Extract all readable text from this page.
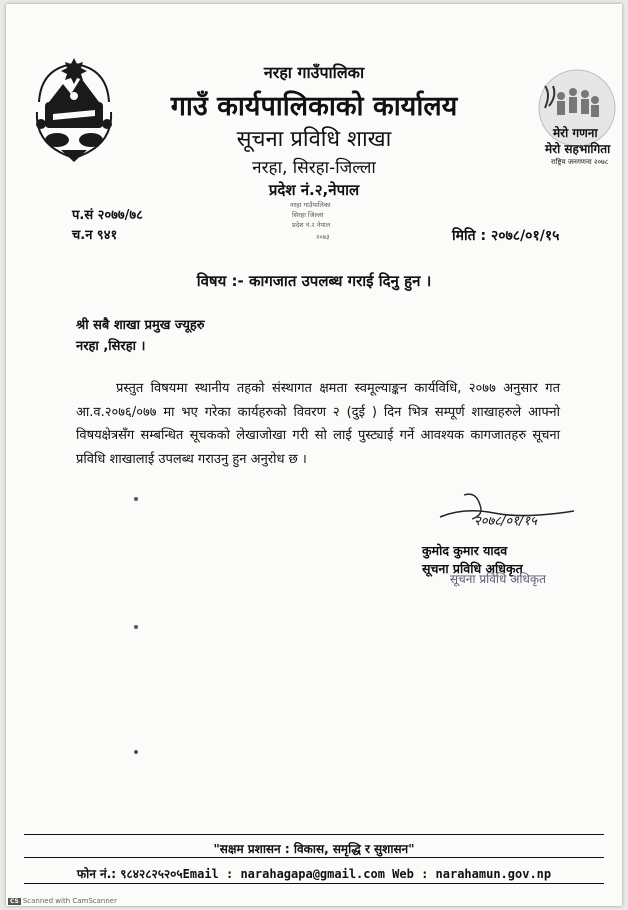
नरहा गाउँपालिका
गाउँ कार्यपालिकाको कार्यालय
सूचना प्रविधि शाखा
नरहा, सिरहा-जिल्ला
प्रदेश नं.२,नेपाल
मेरो गणना
मेरो सहभागिता
राष्ट्रिय जनगणना २०७८
प.सं २०७७/७८
च.न ९४१
नरहा गाउँपालिका
सिरहा जिल्ला
प्रदेश नं.२ नेपाल
२०७३	मिति : २०७८/०१/१५
विषय :- कागजात उपलब्ध गराई दिनु हुन ।
श्री सबै शाखा प्रमुख ज्यूहरु
नरहा ,सिरहा ।
प्रस्तुत विषयमा स्थानीय तहको संस्थागत क्षमता स्वमूल्याङ्कन कार्यविधि, २०७७ अनुसार गत आ.व.२०७६/०७७ मा भए गरेका कार्यहरुको विवरण २ (दुई ) दिन भित्र सम्पूर्ण शाखाहरुले आफ्नो विषयक्षेत्रसँग सम्बन्धित सूचकको लेखाजोखा गरी सो लाई पुस्ट्याई गर्ने आवश्यक कागजातहरु सूचना प्रविधि शाखालाई उपलब्ध गराउनु हुन अनुरोध छ ।
२०७८/०१/१५
कुमोद कुमार यादव
सूचना प्रविधि अधिकृत
सूचना प्रविधि अधिकृत
"सक्षम प्रशासन : विकास, समृद्धि र सुशासन"
फोन नं.: ९८४२८२५२०५Email : narahagapa@gmail.com Web : narahamun.gov.np
CS Scanned with CamScanner
